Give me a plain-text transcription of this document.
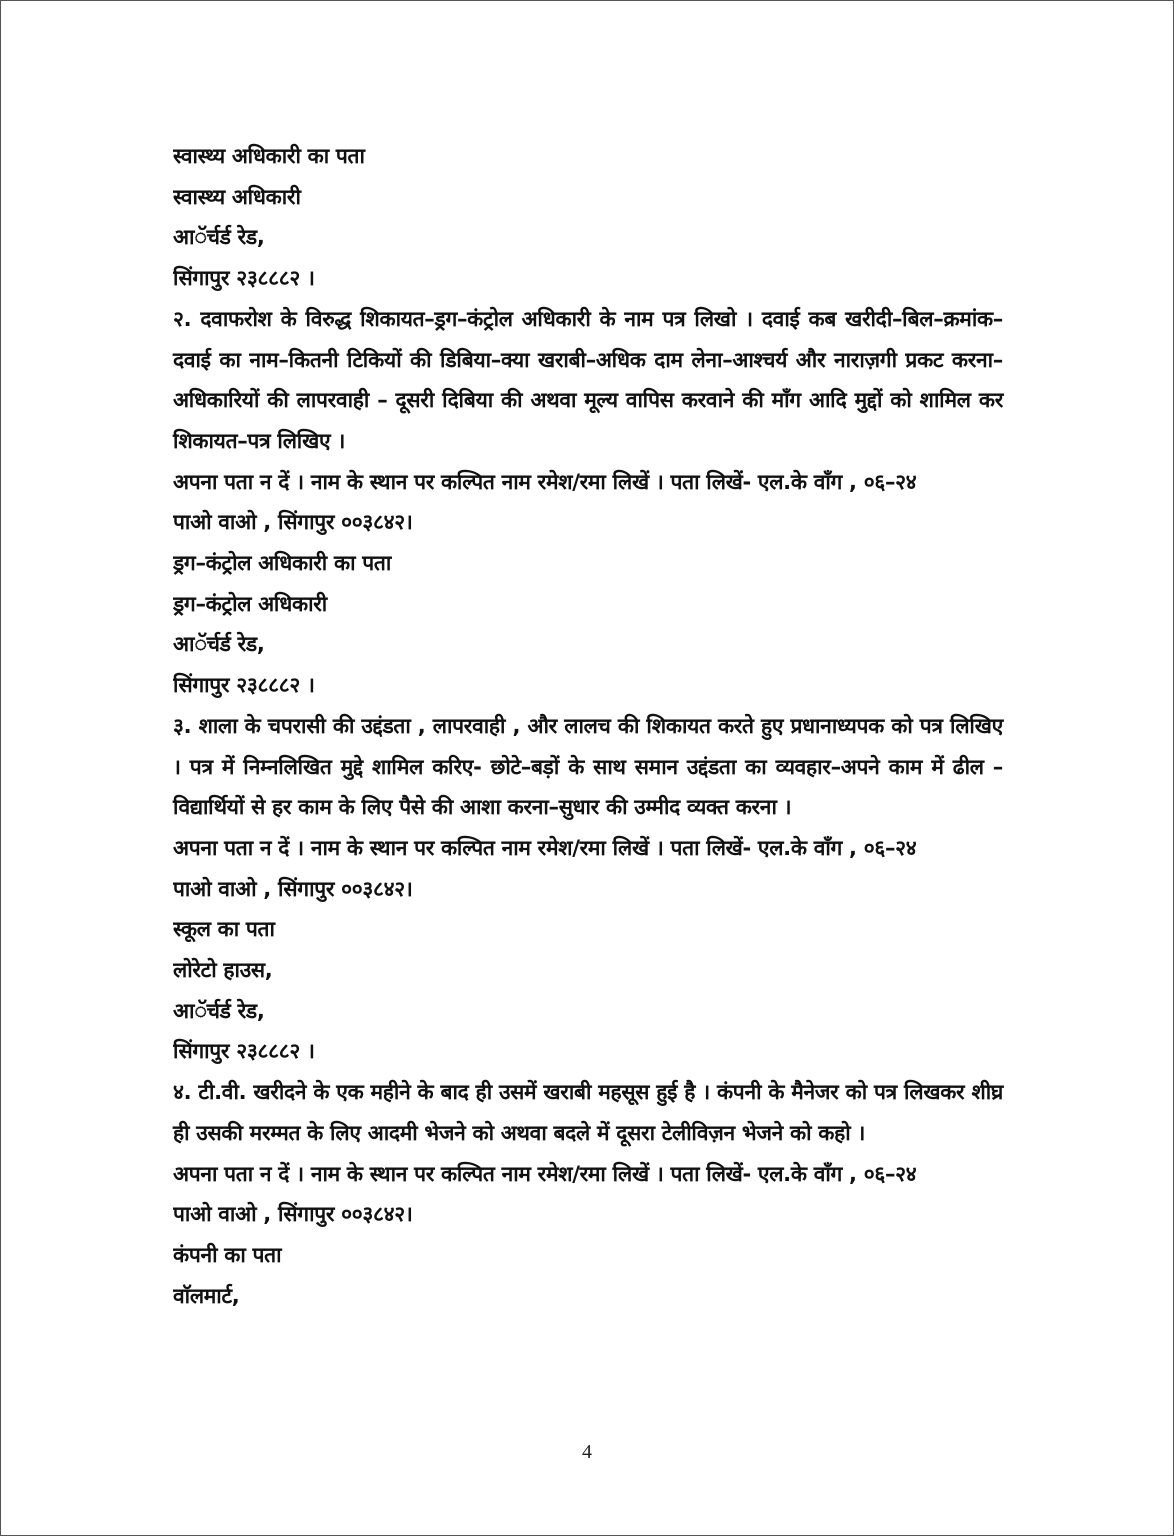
स्वास्थ्य अधिकारी का पता
स्वास्थ्य अधिकारी
आॅर्चर्ड रेड,
सिंगापुर २३८८८२ ।
२. दवाफरोश के विरुद्ध शिकायत–ड्रग–कंट्रोल अधिकारी के नाम पत्र लिखो । दवाई कब खरीदी–बिल–क्रमांक–दवाई का नाम–कितनी टिकियों की डिबिया–क्या खराबी–अधिक दाम लेना–आश्चर्य और नाराज़गी प्रकट करना–अधिकारियों की लापरवाही – दूसरी दिबिया की अथवा मूल्य वापिस करवाने की माँग आदि मुद्दों को शामिल कर शिकायत–पत्र लिखिए ।
अपना पता न दें । नाम के स्थान पर कल्पित नाम रमेश/रमा लिखें । पता लिखें- एल.के वाँग , ०६–२४
पाओ वाओ , सिंगापुर ००३८४२।
ड्रग–कंट्रोल अधिकारी का पता
ड्रग–कंट्रोल अधिकारी
आॅर्चर्ड रेड,
सिंगापुर २३८८८२ ।
३. शाला के चपरासी की उद्दंडता , लापरवाही , और लालच की शिकायत करते हुए प्रधानाध्यपक को पत्र लिखिए । पत्र में निम्नलिखित मुद्दे शामिल करिए- छोटे–बड़ों के साथ समान उद्दंडता का व्यवहार–अपने काम में ढील –विद्यार्थियों से हर काम के लिए पैसे की आशा करना–सुधार की उम्मीद व्यक्त करना ।
अपना पता न दें । नाम के स्थान पर कल्पित नाम रमेश/रमा लिखें । पता लिखें- एल.के वाँग , ०६–२४
पाओ वाओ , सिंगापुर ००३८४२।
स्कूल का पता
लोरेटो हाउस,
आॅर्चर्ड रेड,
सिंगापुर २३८८८२ ।
४. टी.वी. खरीदने के एक महीने के बाद ही उसमें खराबी महसूस हुई है । कंपनी के मैनेजर को पत्र लिखकर शीघ्र ही उसकी मरम्मत के लिए आदमी भेजने को अथवा बदले में दूसरा टेलीविज़न भेजने को कहो ।
अपना पता न दें । नाम के स्थान पर कल्पित नाम रमेश/रमा लिखें । पता लिखें- एल.के वाँग , ०६–२४
पाओ वाओ , सिंगापुर ००३८४२।
कंपनी का पता
वाॅलमार्ट,
4
